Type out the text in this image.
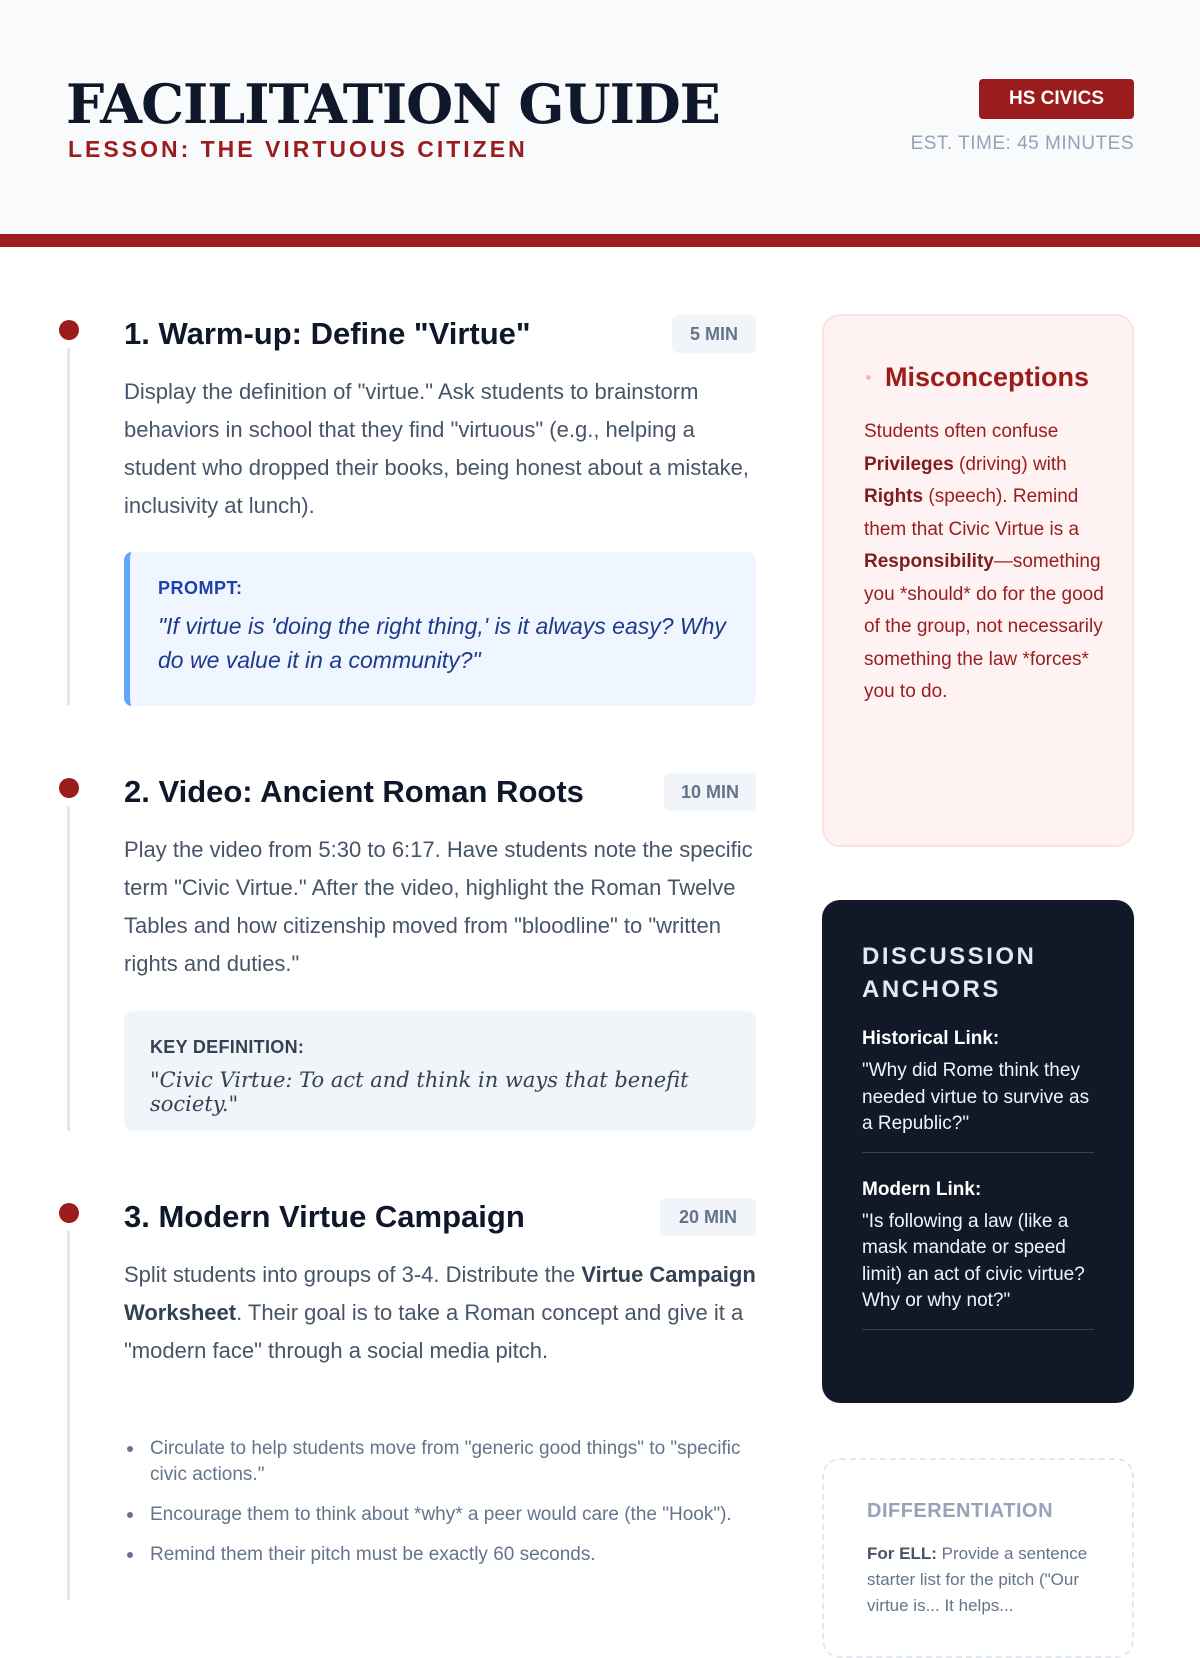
FACILITATION GUIDE
LESSON: THE VIRTUOUS CITIZEN
HS CIVICS
EST. TIME: 45 MINUTES
1. Warm-up: Define "Virtue"	5 MIN
Display the definition of "virtue." Ask students to brainstorm behaviors in school that they find "virtuous" (e.g., helping a student who dropped their books, being honest about a mistake, inclusivity at lunch).
PROMPT:
"If virtue is 'doing the right thing,' is it always easy? Why do we value it in a community?"
2. Video: Ancient Roman Roots	10 MIN
Play the video from 5:30 to 6:17. Have students note the specific term "Civic Virtue." After the video, highlight the Roman Twelve Tables and how citizenship moved from "bloodline" to "written rights and duties."
KEY DEFINITION:
"Civic Virtue: To act and think in ways that benefit society."
3. Modern Virtue Campaign	20 MIN
Split students into groups of 3-4. Distribute the Virtue Campaign Worksheet. Their goal is to take a Roman concept and give it a "modern face" through a social media pitch.
Circulate to help students move from "generic good things" to "specific civic actions."
Encourage them to think about *why* a peer would care (the "Hook").
Remind them their pitch must be exactly 60 seconds.
Misconceptions
Students often confuse Privileges (driving) with Rights (speech). Remind them that Civic Virtue is a Responsibility—something you *should* do for the good of the group, not necessarily something the law *forces* you to do.
DISCUSSION ANCHORS
Historical Link:
"Why did Rome think they needed virtue to survive as a Republic?"
Modern Link:
"Is following a law (like a mask mandate or speed limit) an act of civic virtue? Why or why not?"
DIFFERENTIATION
For ELL: Provide a sentence starter list for the pitch ("Our virtue is... It helps...
